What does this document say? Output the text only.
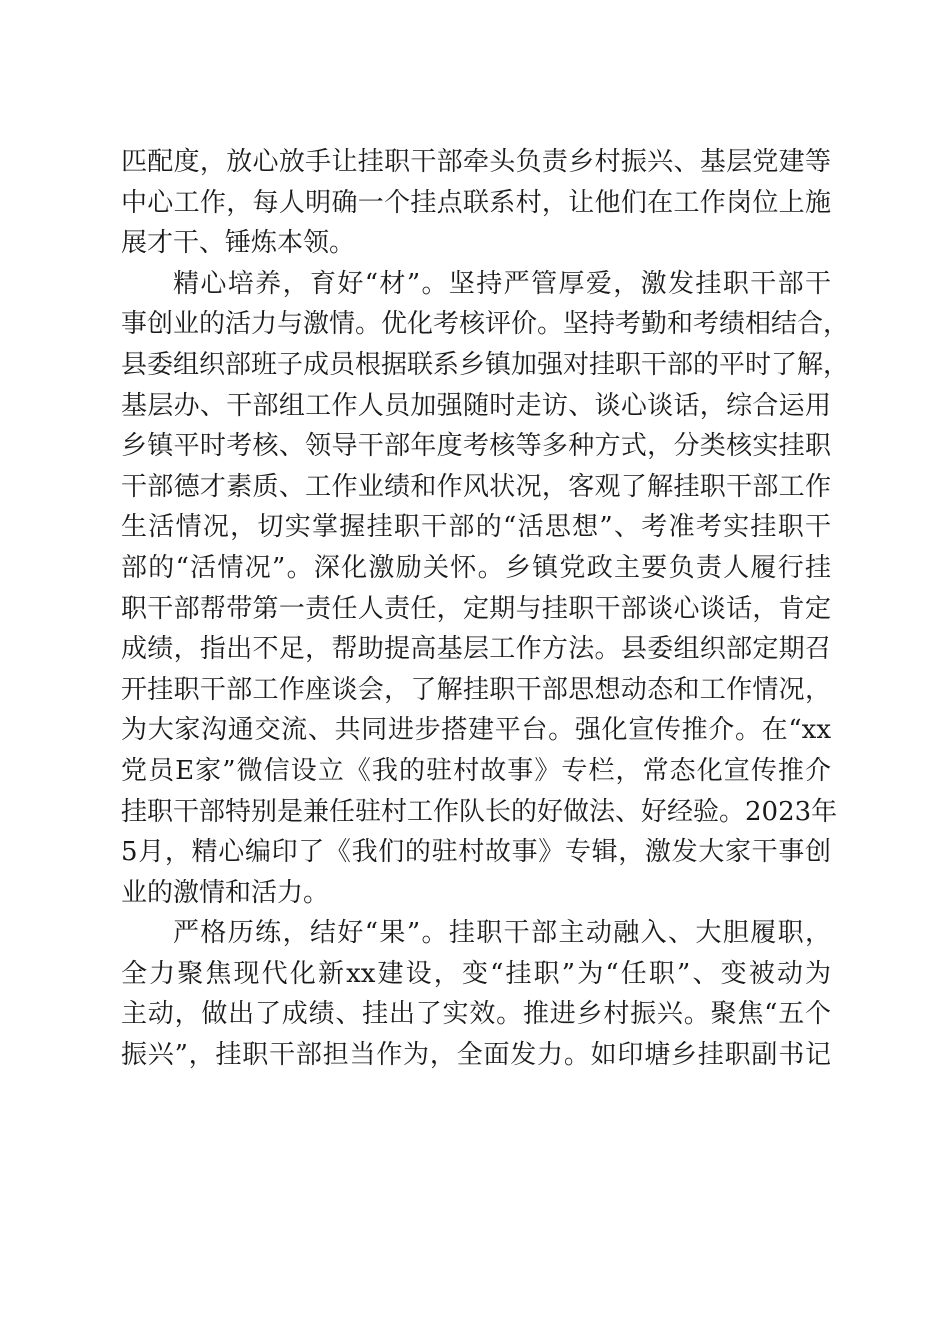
匹配度，放心放手让挂职干部牵头负责乡村振兴、基层党建等
中心工作，每人明确一个挂点联系村，让他们在工作岗位上施
展才干、锤炼本领。
精心培养，育好“材”。坚持严管厚爱，激发挂职干部干
事创业的活力与激情。优化考核评价。坚持考勤和考绩相结合，
县委组织部班子成员根据联系乡镇加强对挂职干部的平时了解，
基层办、干部组工作人员加强随时走访、谈心谈话，综合运用
乡镇平时考核、领导干部年度考核等多种方式，分类核实挂职
干部德才素质、工作业绩和作风状况，客观了解挂职干部工作
生活情况，切实掌握挂职干部的“活思想”、考准考实挂职干
部的“活情况”。深化激励关怀。乡镇党政主要负责人履行挂
职干部帮带第一责任人责任，定期与挂职干部谈心谈话，肯定
成绩，指出不足，帮助提高基层工作方法。县委组织部定期召
开挂职干部工作座谈会，了解挂职干部思想动态和工作情况，
为大家沟通交流、共同进步搭建平台。强化宣传推介。在“xx
党员E家”微信设立《我的驻村故事》专栏，常态化宣传推介
挂职干部特别是兼任驻村工作队长的好做法、好经验。2023年
5月，精心编印了《我们的驻村故事》专辑，激发大家干事创
业的激情和活力。
严格历练，结好“果”。挂职干部主动融入、大胆履职，
全力聚焦现代化新xx建设，变“挂职”为“任职”、变被动为
主动，做出了成绩、挂出了实效。推进乡村振兴。聚焦“五个
振兴”，挂职干部担当作为，全面发力。如印塘乡挂职副书记
